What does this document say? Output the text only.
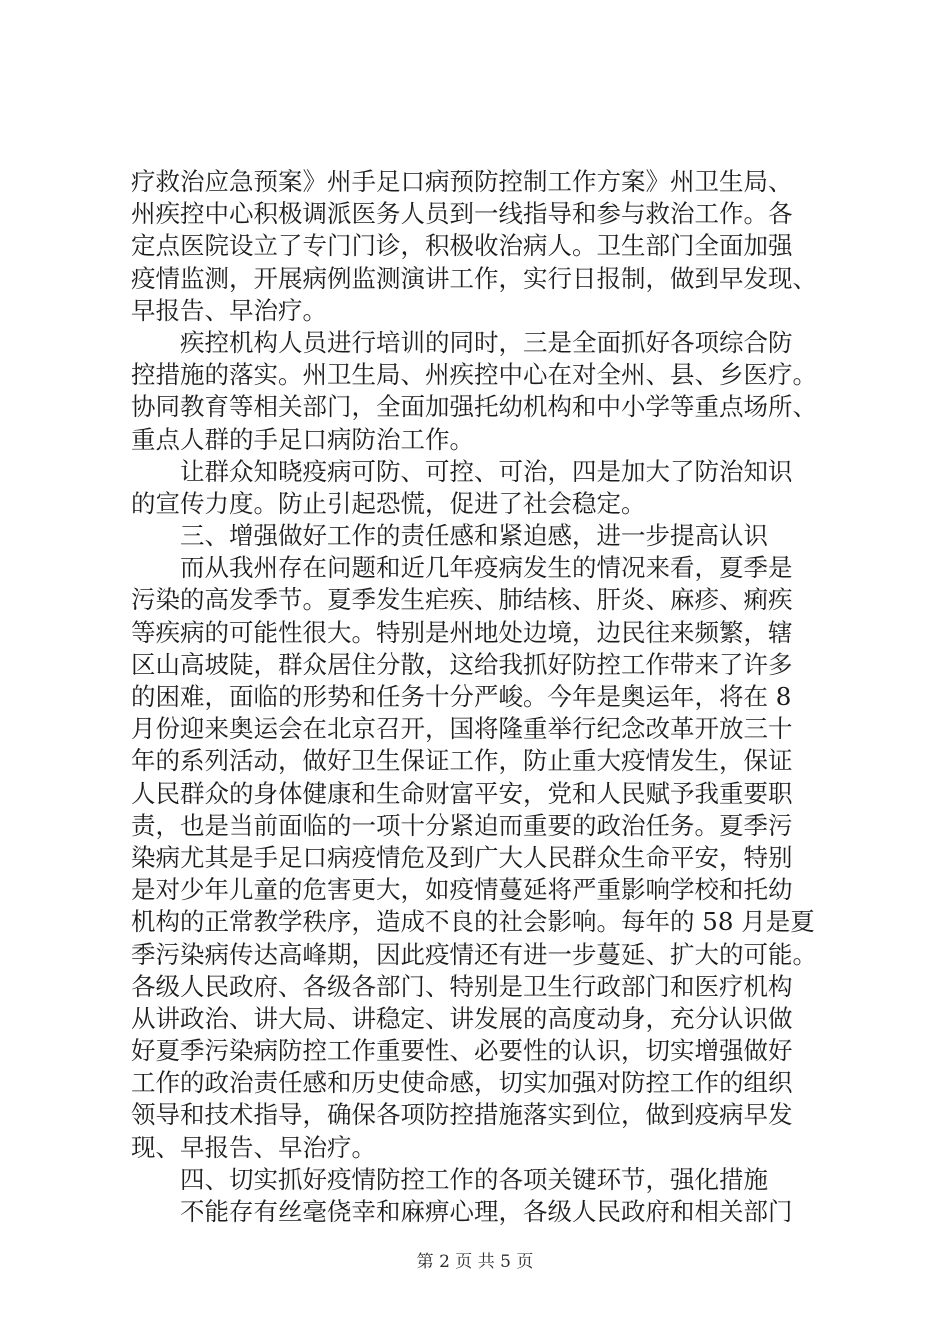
疗救治应急预案》州手足口病预防控制工作方案》州卫生局、
州疾控中心积极调派医务人员到一线指导和参与救治工作。各
定点医院设立了专门门诊，积极收治病人。卫生部门全面加强
疫情监测，开展病例监测演讲工作，实行日报制，做到早发现、
早报告、早治疗。
疾控机构人员进行培训的同时，三是全面抓好各项综合防
控措施的落实。州卫生局、州疾控中心在对全州、县、乡医疗。
协同教育等相关部门，全面加强托幼机构和中小学等重点场所、
重点人群的手足口病防治工作。
让群众知晓疫病可防、可控、可治，四是加大了防治知识
的宣传力度。防止引起恐慌，促进了社会稳定。
三、增强做好工作的责任感和紧迫感，进一步提高认识
而从我州存在问题和近几年疫病发生的情况来看，夏季是
污染的高发季节。夏季发生疟疾、肺结核、肝炎、麻疹、痢疾
等疾病的可能性很大。特别是州地处边境，边民往来频繁，辖
区山高坡陡，群众居住分散，这给我抓好防控工作带来了许多
的困难，面临的形势和任务十分严峻。今年是奥运年，将在 8
月份迎来奥运会在北京召开，国将隆重举行纪念改革开放三十
年的系列活动，做好卫生保证工作，防止重大疫情发生，保证
人民群众的身体健康和生命财富平安，党和人民赋予我重要职
责，也是当前面临的一项十分紧迫而重要的政治任务。夏季污
染病尤其是手足口病疫情危及到广大人民群众生命平安，特别
是对少年儿童的危害更大，如疫情蔓延将严重影响学校和托幼
机构的正常教学秩序，造成不良的社会影响。每年的 58 月是夏
季污染病传达高峰期，因此疫情还有进一步蔓延、扩大的可能。
各级人民政府、各级各部门、特别是卫生行政部门和医疗机构
从讲政治、讲大局、讲稳定、讲发展的高度动身，充分认识做
好夏季污染病防控工作重要性、必要性的认识，切实增强做好
工作的政治责任感和历史使命感，切实加强对防控工作的组织
领导和技术指导，确保各项防控措施落实到位，做到疫病早发
现、早报告、早治疗。
四、切实抓好疫情防控工作的各项关键环节，强化措施
不能存有丝毫侥幸和麻痹心理，各级人民政府和相关部门
第 2 页 共 5 页
